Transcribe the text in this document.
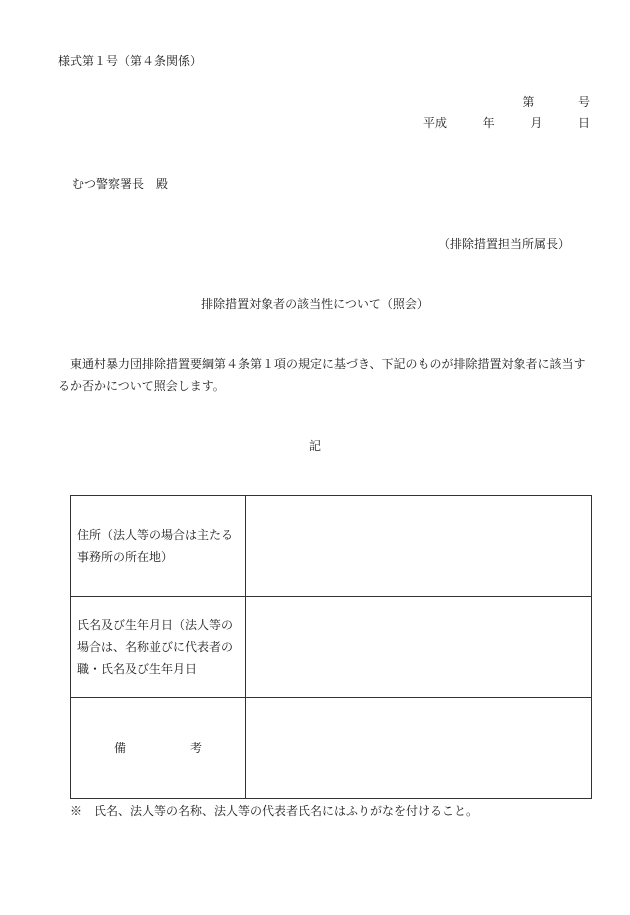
様式第１号（第４条関係）
第	号
平成	年	月	日
むつ警察署長　殿
（排除措置担当所属長）
排除措置対象者の該当性について（照会）
東通村暴力団排除措置要綱第４条第１項の規定に基づき、下記のものが排除措置対象者に該当するか否かについて照会します。
記
住所（法人等の場合は主たる事務所の所在地）	
氏名及び生年月日（法人等の場合は、名称並びに代表者の職・氏名及び生年月日	
備 考	
※　氏名、法人等の名称、法人等の代表者氏名にはふりがなを付けること。
